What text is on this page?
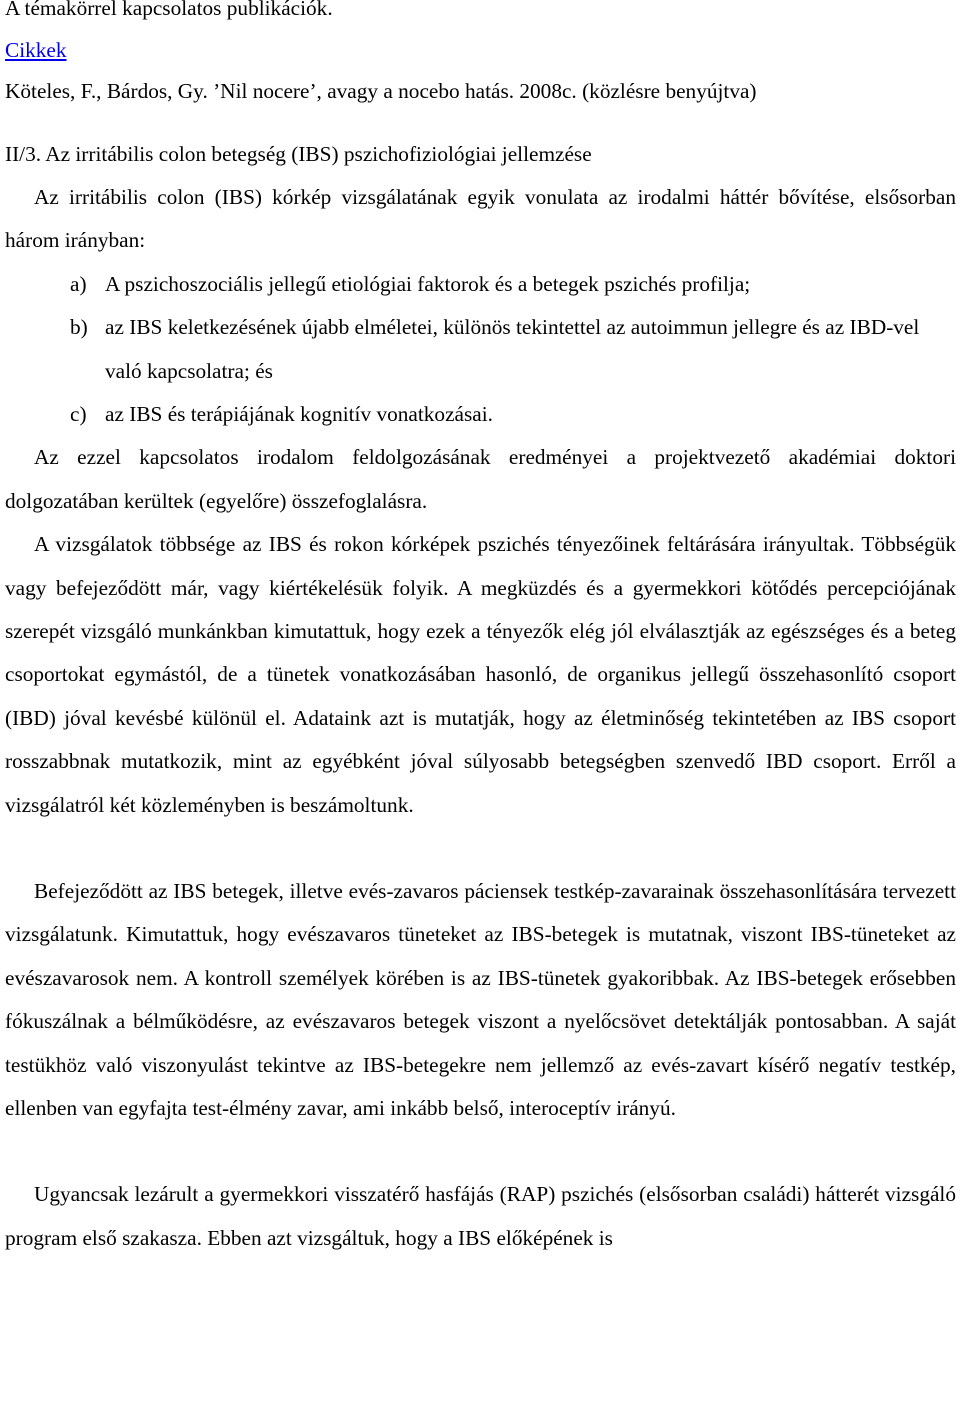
A témakörrel kapcsolatos publikációk.

Cikkek

Köteles, F., Bárdos, Gy. ’Nil nocere’, avagy a nocebo hatás. 2008c. (közlésre benyújtva)

II/3. Az irritábilis colon betegség (IBS) pszichofiziológiai jellemzése

Az irritábilis colon (IBS) kórkép vizsgálatának egyik vonulata az irodalmi háttér bővítése, elsősorban három irányban:

a) A pszichoszociális jellegű etiológiai faktorok és a betegek pszichés profilja;
b) az IBS keletkezésének újabb elméletei, különös tekintettel az autoimmun jellegre és az IBD-vel való kapcsolatra; és
c) az IBS és terápiájának kognitív vonatkozásai.

Az ezzel kapcsolatos irodalom feldolgozásának eredményei a projektvezető akadémiai doktori dolgozatában kerültek (egyelőre) összefoglalásra.

A vizsgálatok többsége az IBS és rokon kórképek pszichés tényezőinek feltárására irányultak. Többségük vagy befejeződött már, vagy kiértékelésük folyik. A megküzdés és a gyermekkori kötődés percepciójának szerepét vizsgáló munkánkban kimutattuk, hogy ezek a tényezők elég jól elválasztják az egészséges és a beteg csoportokat egymástól, de a tünetek vonatkozásában hasonló, de organikus jellegű összehasonlító csoport (IBD) jóval kevésbé különül el. Adataink azt is mutatják, hogy az életminőség tekintetében az IBS csoport rosszabbnak mutatkozik, mint az egyébként jóval súlyosabb betegségben szenvedő IBD csoport. Erről a vizsgálatról két közleményben is beszámoltunk.

Befejeződött az IBS betegek, illetve evés-zavaros páciensek testkép-zavarainak összehasonlítására tervezett vizsgálatunk. Kimutattuk, hogy evészavaros tüneteket az IBS-betegek is mutatnak, viszont IBS-tüneteket az evészavarosok nem. A kontroll személyek körében is az IBS-tünetek gyakoribbak. Az IBS-betegek erősebben fókuszálnak a bélműködésre, az evészavaros betegek viszont a nyelőcsövet detektálják pontosabban. A saját testükhöz való viszonyulást tekintve az IBS-betegekre nem jellemző az evés-zavart kísérő negatív testkép, ellenben van egyfajta test-élmény zavar, ami inkább belső, interoceptív irányú.

Ugyancsak lezárult a gyermekkori visszatérő hasfájás (RAP) pszichés (elsősorban családi) hátterét vizsgáló program első szakasza. Ebben azt vizsgáltuk, hogy a IBS előképének is
